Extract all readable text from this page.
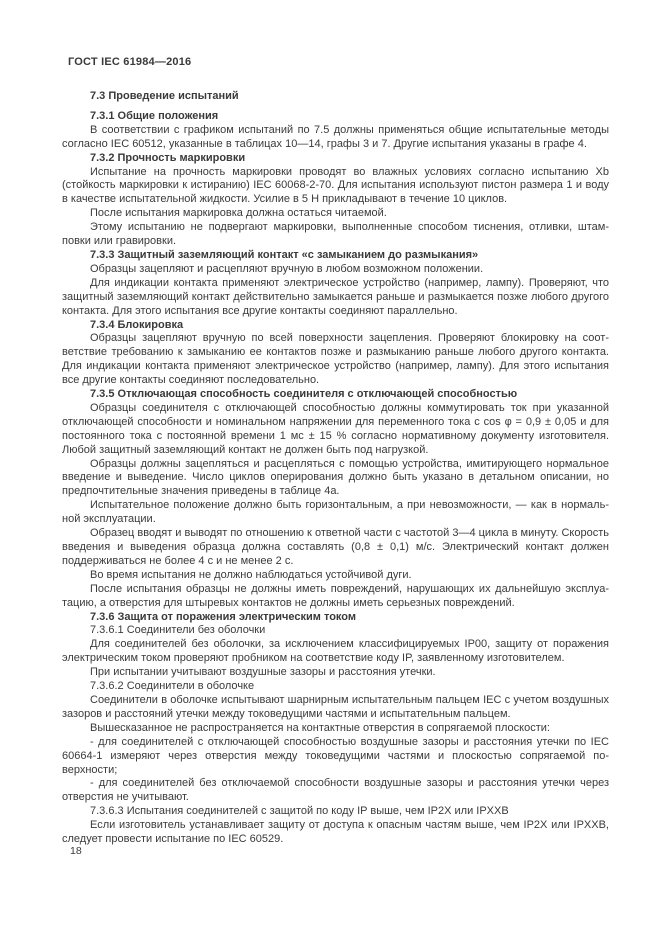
ГОСТ IEC 61984—2016
7.3 Проведение испытаний
7.3.1 Общие положения

В соответствии с графиком испытаний по 7.5 должны применяться общие испытательные методы согласно IEC 60512, указанные в таблицах 10—14, графы 3 и 7. Другие испытания указаны в графе 4.

7.3.2 Прочность маркировки

Испытание на прочность маркировки проводят во влажных условиях согласно испытанию Xb (стойкость маркировки к истиранию) IEC 60068-2-70. Для испытания используют пистон размера 1 и воду в качестве испытательной жидкости. Усилие в 5 Н прикладывают в течение 10 циклов.

После испытания маркировка должна остаться читаемой.

Этому испытанию не подвергают маркировки, выполненные способом тиснения, отливки, штамповки или гравировки.

7.3.3 Защитный заземляющий контакт «с замыканием до размыкания»

Образцы зацепляют и расцепляют вручную в любом возможном положении.

Для индикации контакта применяют электрическое устройство (например, лампу). Проверяют, что защитный заземляющий контакт действительно замыкается раньше и размыкается позже любого другого контакта. Для этого испытания все другие контакты соединяют параллельно.

7.3.4 Блокировка

Образцы зацепляют вручную по всей поверхности зацепления. Проверяют блокировку на соответствие требованию к замыканию ее контактов позже и размыканию раньше любого другого контакта. Для индикации контакта применяют электрическое устройство (например, лампу). Для этого испытания все другие контакты соединяют последовательно.

7.3.5 Отключающая способность соединителя с отключающей способностью

Образцы соединителя с отключающей способностью должны коммутировать ток при указанной отключающей способности и номинальном напряжении для переменного тока с cos φ = 0,9 ± 0,05 и для постоянного тока с постоянной времени 1 мс ± 15 % согласно нормативному документу изготовителя. Любой защитный заземляющий контакт не должен быть под нагрузкой.

Образцы должны зацепляться и расцепляться с помощью устройства, имитирующего нормальное введение и выведение. Число циклов оперирования должно быть указано в детальном описании, но предпочтительные значения приведены в таблице 4а.

Испытательное положение должно быть горизонтальным, а при невозможности, — как в нормальной эксплуатации.

Образец вводят и выводят по отношению к ответной части с частотой 3—4 цикла в минуту. Скорость введения и выведения образца должна составлять (0,8 ± 0,1) м/с. Электрический контакт должен поддерживаться не более 4 с и не менее 2 с.

Во время испытания не должно наблюдаться устойчивой дуги.

После испытания образцы не должны иметь повреждений, нарушающих их дальнейшую эксплуатацию, а отверстия для штыревых контактов не должны иметь серьезных повреждений.

7.3.6 Защита от поражения электрическим током

7.3.6.1 Соединители без оболочки

Для соединителей без оболочки, за исключением классифицируемых IP00, защиту от поражения электрическим током проверяют пробником на соответствие коду IP, заявленному изготовителем.

При испытании учитывают воздушные зазоры и расстояния утечки.

7.3.6.2 Соединители в оболочке

Соединители в оболочке испытывают шарнирным испытательным пальцем IEC с учетом воздушных зазоров и расстояний утечки между токоведущими частями и испытательным пальцем.

Вышесказанное не распространяется на контактные отверстия в сопрягаемой плоскости:

- для соединителей с отключающей способностью воздушные зазоры и расстояния утечки по IEC 60664-1 измеряют через отверстия между токоведущими частями и плоскостью сопрягаемой поверхности;

- для соединителей без отключаемой способности воздушные зазоры и расстояния утечки через отверстия не учитывают.

7.3.6.3 Испытания соединителей с защитой по коду IP выше, чем IP2X или IPXXB

Если изготовитель устанавливает защиту от доступа к опасным частям выше, чем IP2X или IPXXB, следует провести испытание по IEC 60529.

18
